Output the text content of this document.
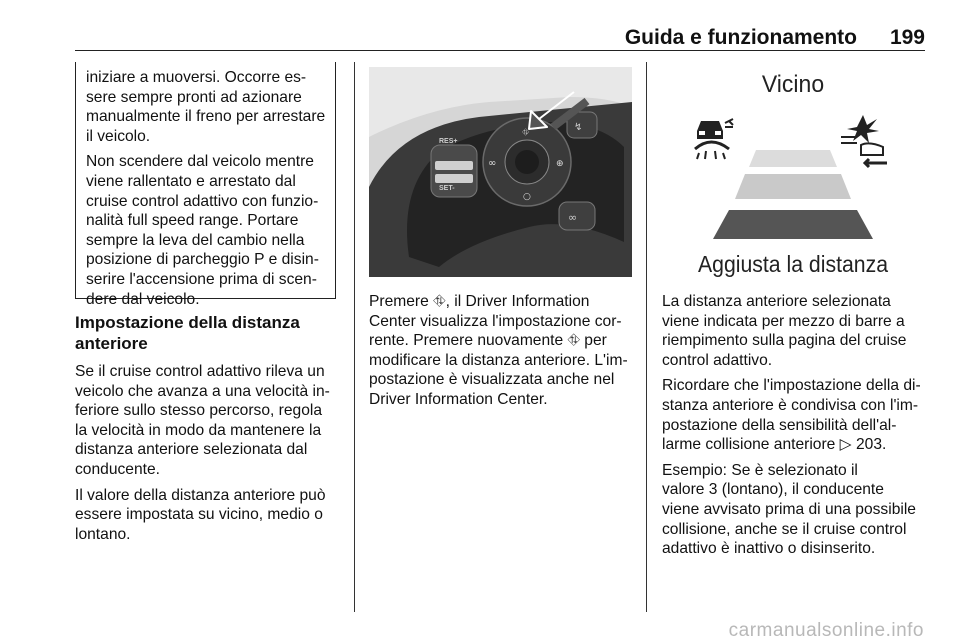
Guida e funzionamento 199

iniziare a muoversi. Occorre es-
sere sempre pronti ad azionare
manualmente il freno per arrestare
il veicolo.

Non scendere dal veicolo mentre
viene rallentato e arrestato dal
cruise control adattivo con funzio-
nalità full speed range. Portare
sempre la leva del cambio nella
posizione di parcheggio P e disin-
serire l'accensione prima di scen-
dere dal veicolo.

Impostazione della distanza
anteriore

Se il cruise control adattivo rileva un
veicolo che avanza a una velocità in-
feriore sullo stesso percorso, regola
la velocità in modo da mantenere la
distanza anteriore selezionata dal
conducente.

Il valore della distanza anteriore può
essere impostata su vicino, medio o
lontano.

RES+
SET-
⛗
∞	⊕
○
↯
∞

Premere ⛗, il Driver Information
Center visualizza l'impostazione cor-
rente. Premere nuovamente ⛗ per
modificare la distanza anteriore. L'im-
postazione è visualizzata anche nel
Driver Information Center.

Vicino
Aggiusta la distanza

La distanza anteriore selezionata
viene indicata per mezzo di barre a
riempimento sulla pagina del cruise
control adattivo.

Ricordare che l'impostazione della di-
stanza anteriore è condivisa con l'im-
postazione della sensibilità dell'al-
larme collisione anteriore ▷ 203.

Esempio: Se è selezionato il
valore 3 (lontano), il conducente
viene avvisato prima di una possibile
collisione, anche se il cruise control
adattivo è inattivo o disinserito.

carmanualsonline.info
